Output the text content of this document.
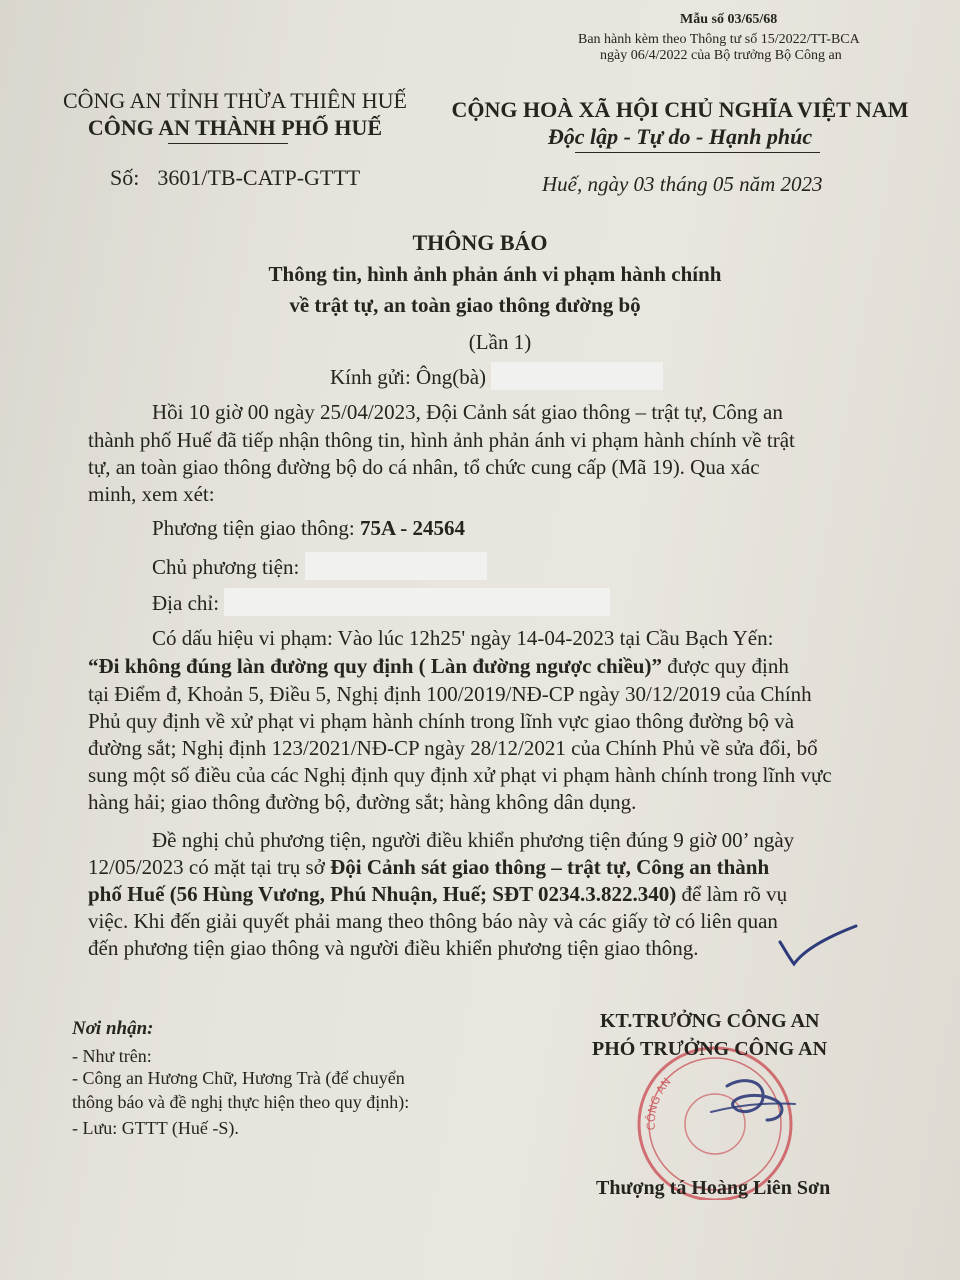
Mẫu số 03/65/68
Ban hành kèm theo Thông tư số 15/2022/TT-BCA
ngày 06/4/2022 của Bộ trưởng Bộ Công an
CÔNG AN TỈNH THỪA THIÊN HUẾ
CÔNG AN THÀNH PHỐ HUẾ
CỘNG HOÀ XÃ HỘI CHỦ NGHĨA VIỆT NAM
Độc lập - Tự do - Hạnh phúc
Số: 3601/TB-CATP-GTTT	Huế, ngày 03 tháng 05 năm 2023
THÔNG BÁO
Thông tin, hình ảnh phản ánh vi phạm hành chính
về trật tự, an toàn giao thông đường bộ
(Lần 1)
Kính gửi: Ông(bà)
Hồi 10 giờ 00 ngày 25/04/2023, Đội Cảnh sát giao thông – trật tự, Công an
thành phố Huế đã tiếp nhận thông tin, hình ảnh phản ánh vi phạm hành chính về trật
tự, an toàn giao thông đường bộ do cá nhân, tổ chức cung cấp (Mã 19). Qua xác
minh, xem xét:
Phương tiện giao thông: 75A - 24564
Chủ phương tiện:
Địa chỉ:
Có dấu hiệu vi phạm: Vào lúc 12h25' ngày 14-04-2023 tại Cầu Bạch Yến:
“Đi không đúng làn đường quy định ( Làn đường ngược chiều)” được quy định
tại Điểm đ, Khoản 5, Điều 5, Nghị định 100/2019/NĐ-CP ngày 30/12/2019 của Chính
Phủ quy định về xử phạt vi phạm hành chính trong lĩnh vực giao thông đường bộ và
đường sắt; Nghị định 123/2021/NĐ-CP ngày 28/12/2021 của Chính Phủ về sửa đổi, bổ
sung một số điều của các Nghị định quy định xử phạt vi phạm hành chính trong lĩnh vực
hàng hải; giao thông đường bộ, đường sắt; hàng không dân dụng.
Đề nghị chủ phương tiện, người điều khiển phương tiện đúng 9 giờ 00’ ngày
12/05/2023 có mặt tại trụ sở Đội Cảnh sát giao thông – trật tự, Công an thành
phố Huế (56 Hùng Vương, Phú Nhuận, Huế; SĐT 0234.3.822.340) để làm rõ vụ
việc. Khi đến giải quyết phải mang theo thông báo này và các giấy tờ có liên quan
đến phương tiện giao thông và người điều khiển phương tiện giao thông.
Nơi nhận:
- Như trên:
- Công an Hương Chữ, Hương Trà (để chuyển
thông báo và đề nghị thực hiện theo quy định):
- Lưu: GTTT (Huế -S).	CÔNG AN
KT.TRƯỞNG CÔNG AN
PHÓ TRƯỞNG CÔNG AN
Thượng tá Hoàng Liên Sơn
